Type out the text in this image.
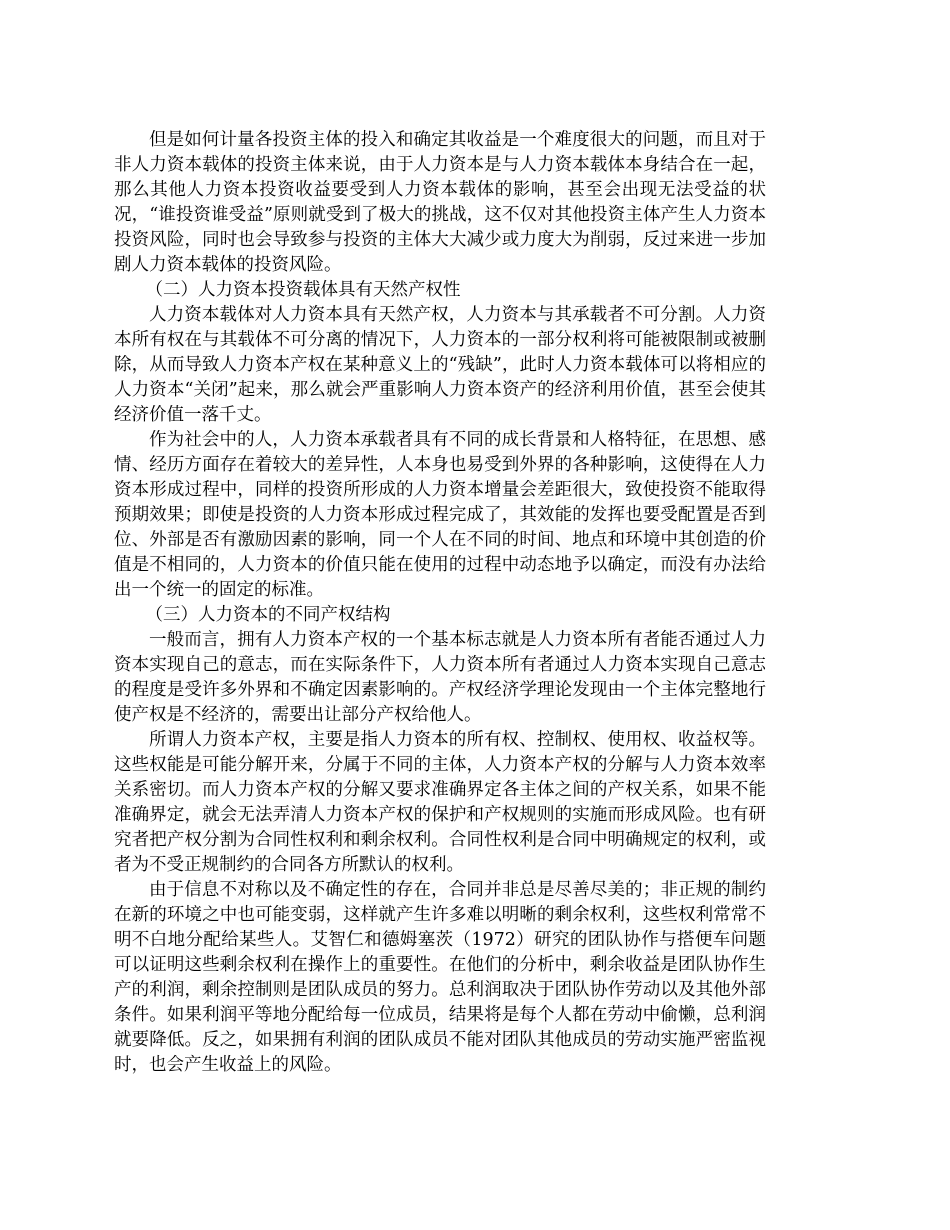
但是如何计量各投资主体的投入和确定其收益是一个难度很大的问题，而且对于非人力资本载体的投资主体来说，由于人力资本是与人力资本载体本身结合在一起，那么其他人力资本投资收益要受到人力资本载体的影响，甚至会出现无法受益的状况，“谁投资谁受益”原则就受到了极大的挑战，这不仅对其他投资主体产生人力资本投资风险，同时也会导致参与投资的主体大大减少或力度大为削弱，反过来进一步加剧人力资本载体的投资风险。

（二）人力资本投资载体具有天然产权性

人力资本载体对人力资本具有天然产权，人力资本与其承载者不可分割。人力资本所有权在与其载体不可分离的情况下，人力资本的一部分权利将可能被限制或被删除，从而导致人力资本产权在某种意义上的“残缺”，此时人力资本载体可以将相应的人力资本“关闭”起来，那么就会严重影响人力资本资产的经济利用价值，甚至会使其经济价值一落千丈。

作为社会中的人，人力资本承载者具有不同的成长背景和人格特征，在思想、感情、经历方面存在着较大的差异性，人本身也易受到外界的各种影响，这使得在人力资本形成过程中，同样的投资所形成的人力资本增量会差距很大，致使投资不能取得预期效果；即使是投资的人力资本形成过程完成了，其效能的发挥也要受配置是否到位、外部是否有激励因素的影响，同一个人在不同的时间、地点和环境中其创造的价值是不相同的，人力资本的价值只能在使用的过程中动态地予以确定，而没有办法给出一个统一的固定的标准。

（三）人力资本的不同产权结构

一般而言，拥有人力资本产权的一个基本标志就是人力资本所有者能否通过人力资本实现自己的意志，而在实际条件下，人力资本所有者通过人力资本实现自己意志的程度是受许多外界和不确定因素影响的。产权经济学理论发现由一个主体完整地行使产权是不经济的，需要出让部分产权给他人。

所谓人力资本产权，主要是指人力资本的所有权、控制权、使用权、收益权等。这些权能是可能分解开来，分属于不同的主体，人力资本产权的分解与人力资本效率关系密切。而人力资本产权的分解又要求准确界定各主体之间的产权关系，如果不能准确界定，就会无法弄清人力资本产权的保护和产权规则的实施而形成风险。也有研究者把产权分割为合同性权利和剩余权利。合同性权利是合同中明确规定的权利，或者为不受正规制约的合同各方所默认的权利。

由于信息不对称以及不确定性的存在，合同并非总是尽善尽美的；非正规的制约在新的环境之中也可能变弱，这样就产生许多难以明晰的剩余权利，这些权利常常不明不白地分配给某些人。艾智仁和德姆塞茨（1972）研究的团队协作与搭便车问题可以证明这些剩余权利在操作上的重要性。在他们的分析中，剩余收益是团队协作生产的利润，剩余控制则是团队成员的努力。总利润取决于团队协作劳动以及其他外部条件。如果利润平等地分配给每一位成员，结果将是每个人都在劳动中偷懒，总利润就要降低。反之，如果拥有利润的团队成员不能对团队其他成员的劳动实施严密监视时，也会产生收益上的风险。
